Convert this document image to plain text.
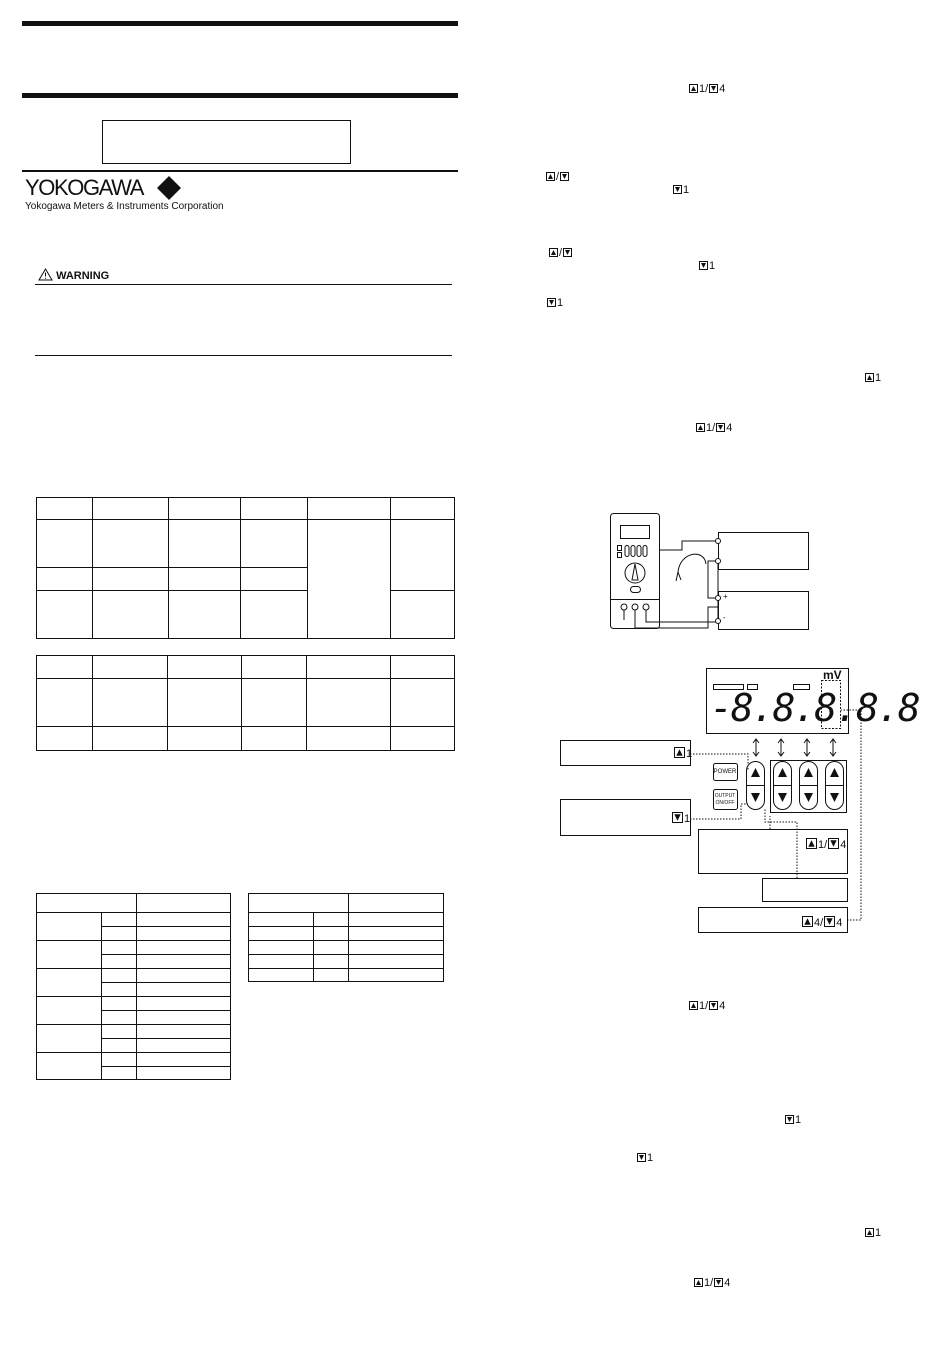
YOKOGAWA
Yokogawa Meters & Instruments Corporation
WARNING
1/ 4
/
1
/
1
1
1
1/ 4
+
-
-8.8.8.8.8
mV
POWER
OUTPUT
ON/OFF
1
1
1/ 4
4/ 4
1/ 4
1
1
1
1/ 4
